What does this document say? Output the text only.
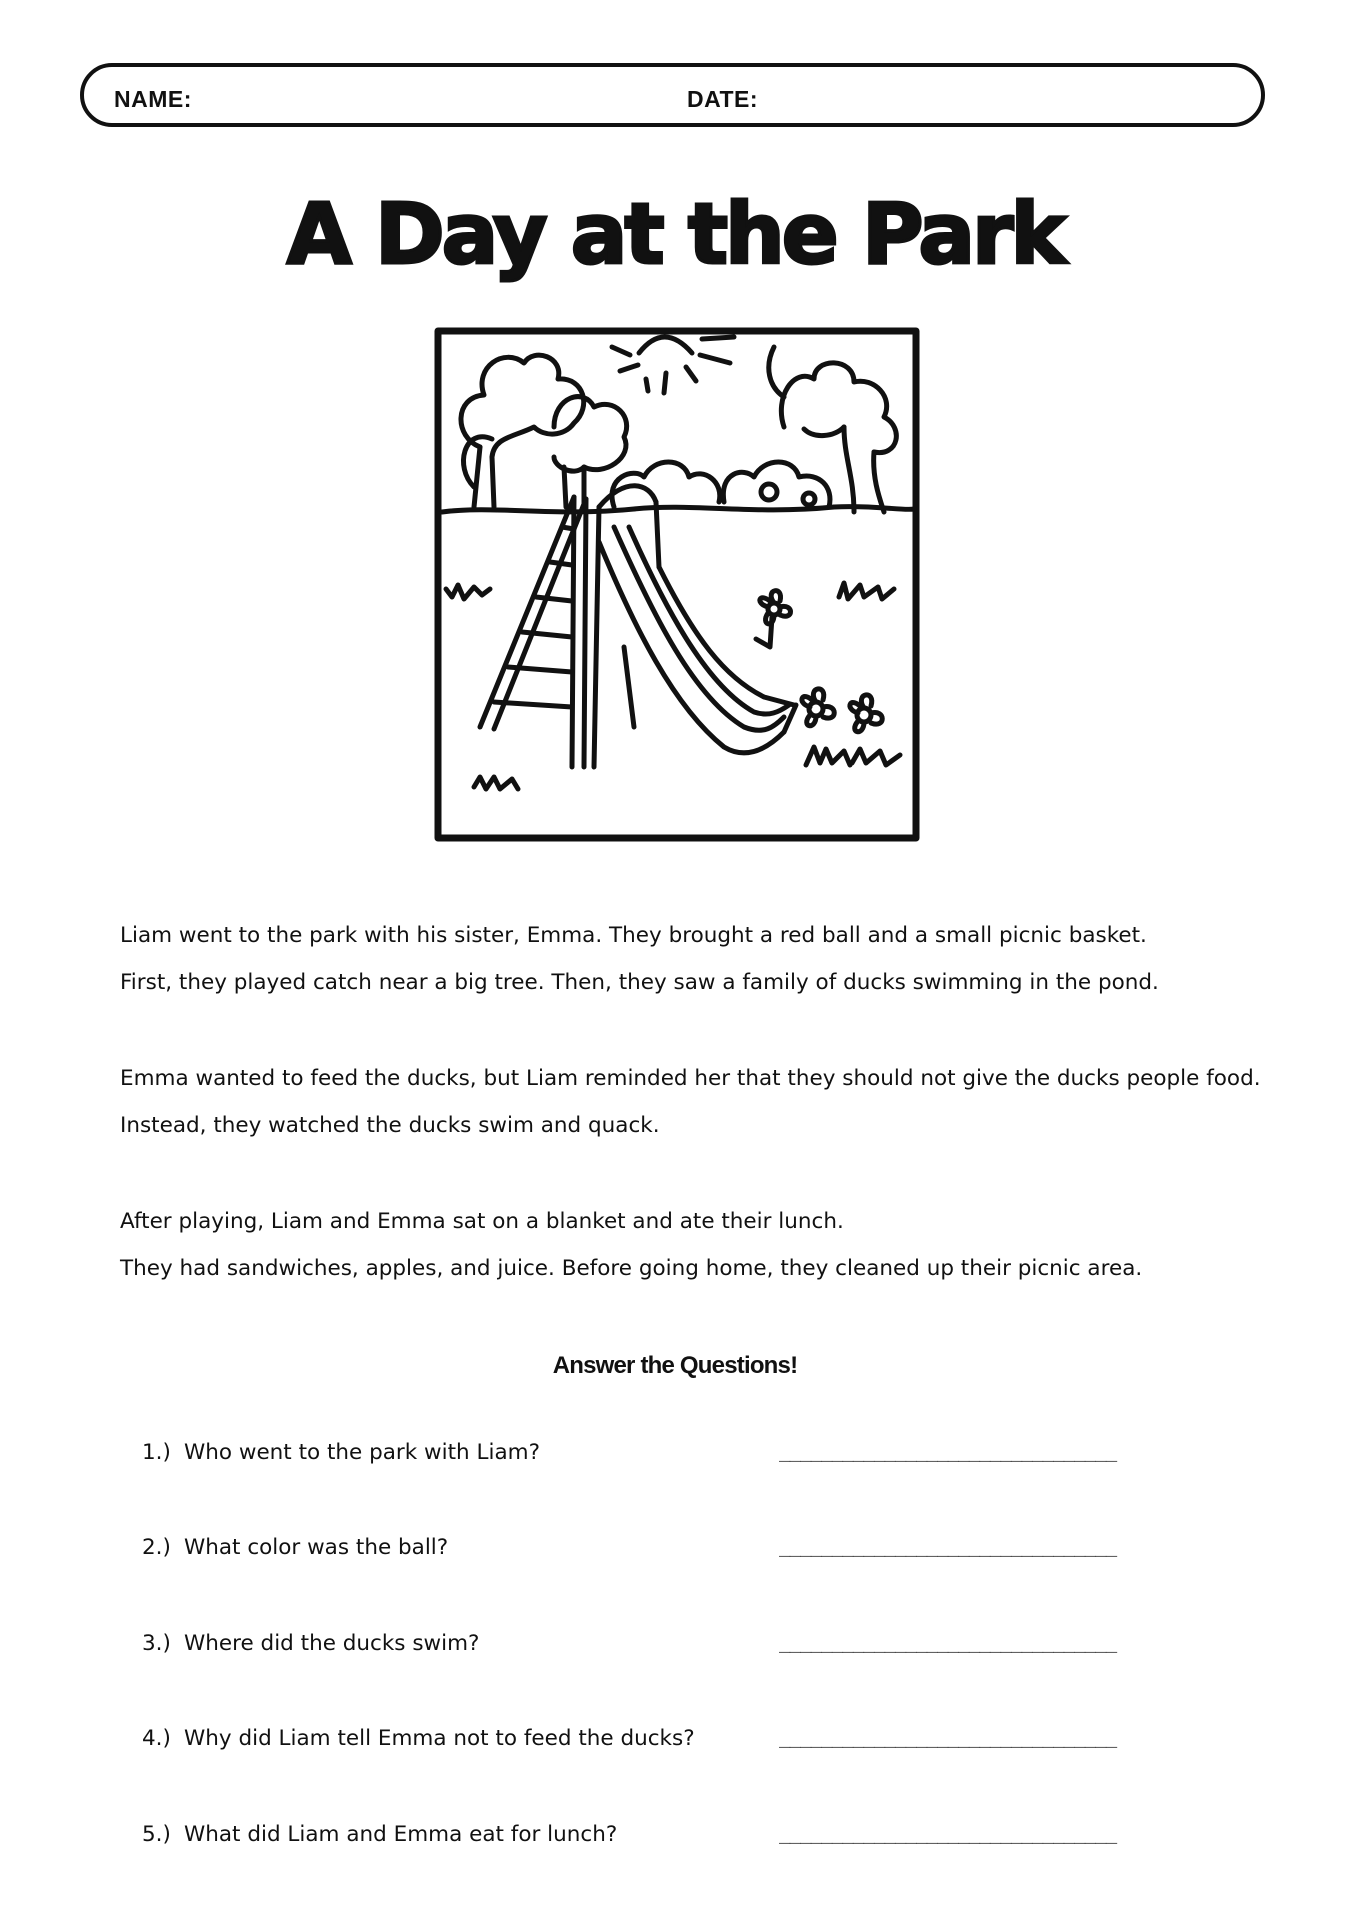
NAME:	DATE:
A Day at the Park

Liam went to the park with his sister, Emma. They brought a red ball and a small picnic basket.

First, they played catch near a big tree. Then, they saw a family of ducks swimming in the pond.

Emma wanted to feed the ducks, but Liam reminded her that they should not give the ducks people food.

Instead, they watched the ducks swim and quack.

After playing, Liam and Emma sat on a blanket and ate their lunch.

They had sandwiches, apples, and juice. Before going home, they cleaned up their picnic area.

Answer the Questions!
1.) Who went to the park with Liam?	________________________________
2.) What color was the ball?	________________________________
3.) Where did the ducks swim?	________________________________
4.) Why did Liam tell Emma not to feed the ducks?	________________________________
5.) What did Liam and Emma eat for lunch?	________________________________
